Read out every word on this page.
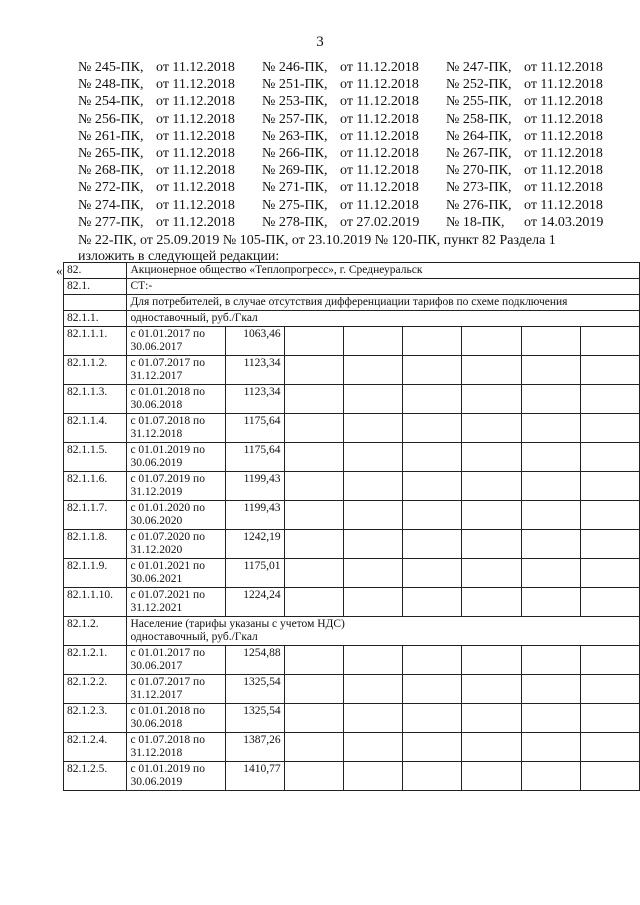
3
№ 245-ПК, от 11.12.2018	№ 246-ПК, от 11.12.2018	№ 247-ПК, от 11.12.2018
№ 248-ПК, от 11.12.2018	№ 251-ПК, от 11.12.2018	№ 252-ПК, от 11.12.2018
№ 254-ПК, от 11.12.2018	№ 253-ПК, от 11.12.2018	№ 255-ПК, от 11.12.2018
№ 256-ПК, от 11.12.2018	№ 257-ПК, от 11.12.2018	№ 258-ПК, от 11.12.2018
№ 261-ПК, от 11.12.2018	№ 263-ПК, от 11.12.2018	№ 264-ПК, от 11.12.2018
№ 265-ПК, от 11.12.2018	№ 266-ПК, от 11.12.2018	№ 267-ПК, от 11.12.2018
№ 268-ПК, от 11.12.2018	№ 269-ПК, от 11.12.2018	№ 270-ПК, от 11.12.2018
№ 272-ПК, от 11.12.2018	№ 271-ПК, от 11.12.2018	№ 273-ПК, от 11.12.2018
№ 274-ПК, от 11.12.2018	№ 275-ПК, от 11.12.2018	№ 276-ПК, от 11.12.2018
№ 277-ПК, от 11.12.2018	№ 278-ПК, от 27.02.2019	№ 18-ПК,	от 14.03.2019
№ 22-ПК, от 25.09.2019 № 105-ПК, от 23.10.2019 № 120-ПК, пункт 82 Раздела 1
изложить в следующей редакции:
« 82.	Акционерное общество «Теплопрогресс», г. Среднеуральск							
82.1.	СТ:-							
	Для потребителей, в случае отсутствия дифференциации тарифов по схеме подключения							
82.1.1.	одноставочный, руб./Гкал							
82.1.1.1.	с 01.01.2017 по 30.06.2017	1063,46						
82.1.1.2.	с 01.07.2017 по 31.12.2017	1123,34						
82.1.1.3.	с 01.01.2018 по 30.06.2018	1123,34						
82.1.1.4.	с 01.07.2018 по 31.12.2018	1175,64						
82.1.1.5.	с 01.01.2019 по 30.06.2019	1175,64						
82.1.1.6.	с 01.07.2019 по 31.12.2019	1199,43						
82.1.1.7.	с 01.01.2020 по 30.06.2020	1199,43						
82.1.1.8.	с 01.07.2020 по 31.12.2020	1242,19						
82.1.1.9.	с 01.01.2021 по 30.06.2021	1175,01						
82.1.1.10.	с 01.07.2021 по 31.12.2021	1224,24						
82.1.2.	Население (тарифы указаны с учетом НДС)
одноставочный, руб./Гкал							

82.1.2.1.	с 01.01.2017 по 30.06.2017	1254,88						
82.1.2.2.	с 01.07.2017 по 31.12.2017	1325,54						
82.1.2.3.	с 01.01.2018 по 30.06.2018	1325,54						
82.1.2.4.	с 01.07.2018 по 31.12.2018	1387,26						
82.1.2.5.	с 01.01.2019 по 30.06.2019	1410,77						
